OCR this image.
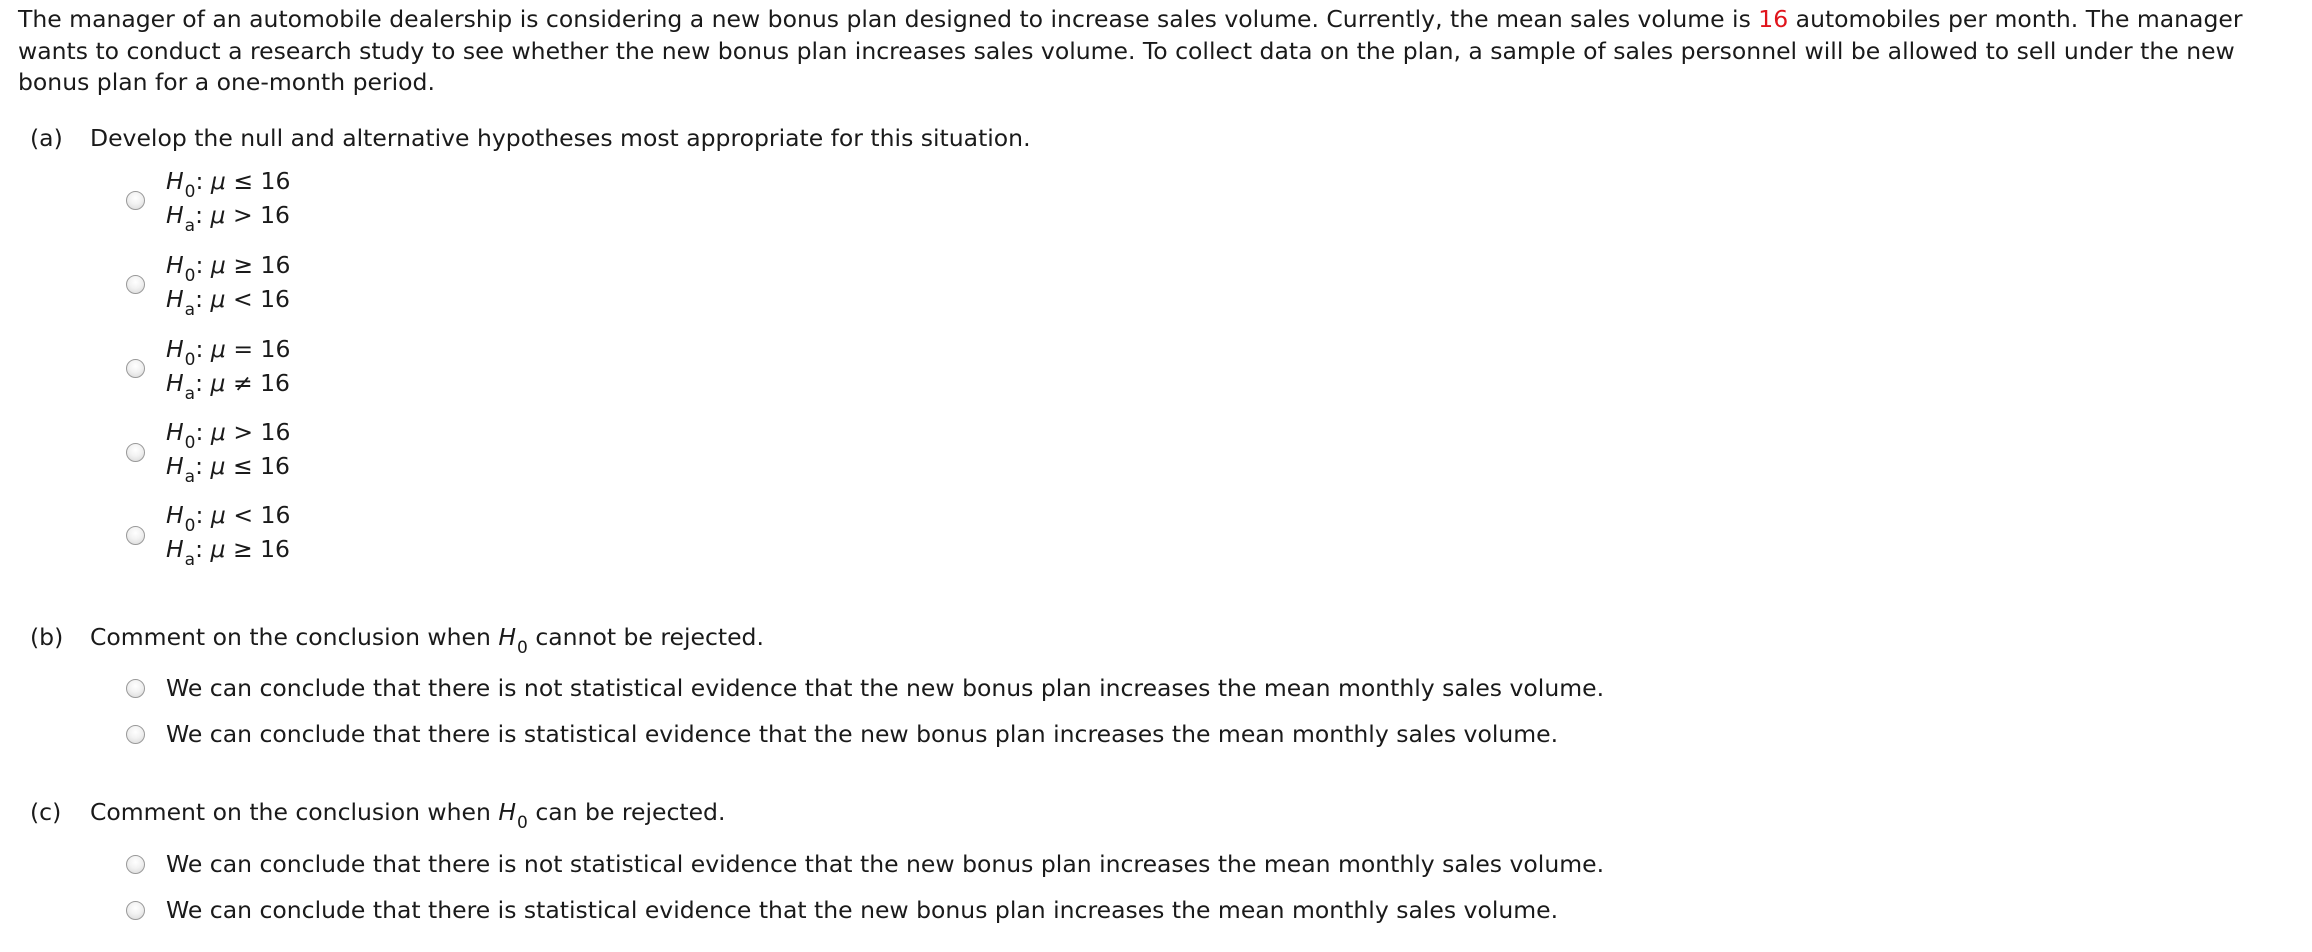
The manager of an automobile dealership is considering a new bonus plan designed to increase sales volume. Currently, the mean sales volume is 16 automobiles per month. The manager wants to conduct a research study to see whether the new bonus plan increases sales volume. To collect data on the plan, a sample of sales personnel will be allowed to sell under the new bonus plan for a one-month period.

(a) Develop the null and alternative hypotheses most appropriate for this situation.
$H_0$: μ ≤ 16
$H_a$: μ > 16
$H_0$: μ ≥ 16
$H_a$: μ < 16
$H_0$: μ = 16
$H_a$: μ ≠ 16
$H_0$: μ > 16
$H_a$: μ ≤ 16
$H_0$: μ < 16
$H_a$: μ ≥ 16
(b) Comment on the conclusion when $H_0$ cannot be rejected.
We can conclude that there is not statistical evidence that the new bonus plan increases the mean monthly sales volume.
We can conclude that there is statistical evidence that the new bonus plan increases the mean monthly sales volume.
(c) Comment on the conclusion when $H_0$ can be rejected.
We can conclude that there is not statistical evidence that the new bonus plan increases the mean monthly sales volume.
We can conclude that there is statistical evidence that the new bonus plan increases the mean monthly sales volume.
